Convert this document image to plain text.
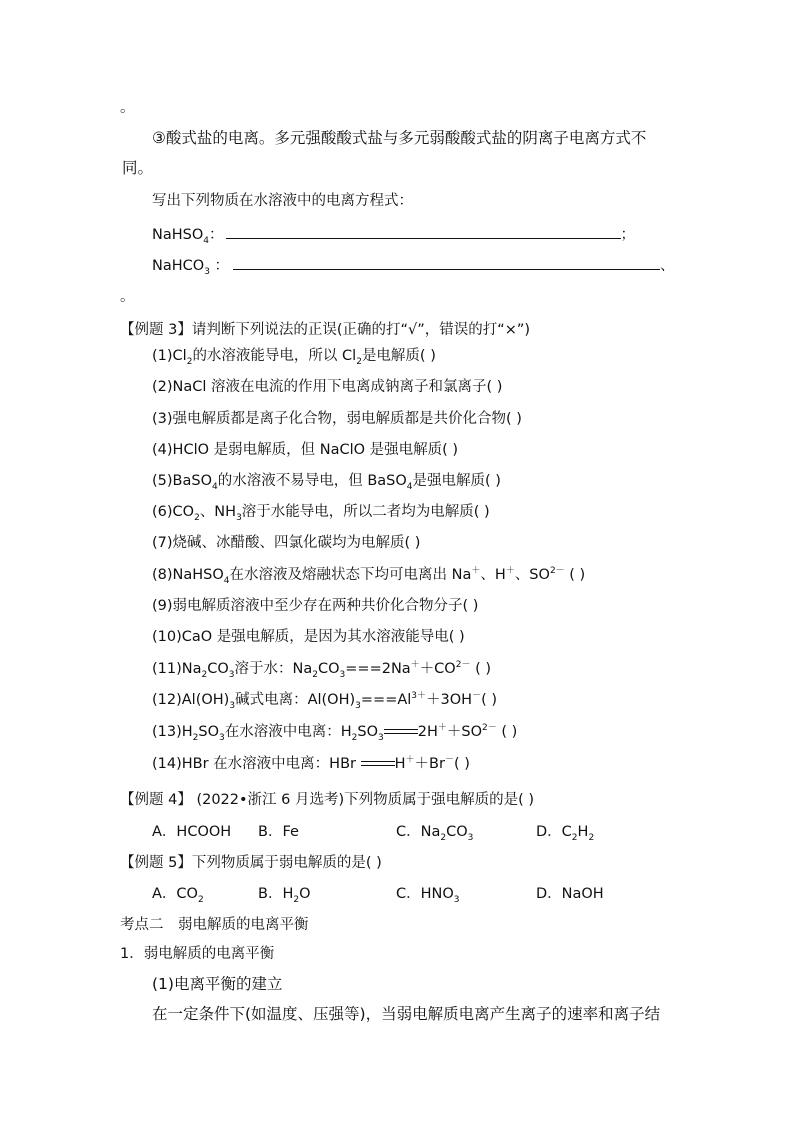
。
③酸式盐的电离。多元强酸酸式盐与多元弱酸酸式盐的阴离子电离方式不
同。
写出下列物质在水溶液中的电离方程式：
NaHSO$_4$：	；
NaHCO$_3$ ：	、
。
【例题 3】请判断下列说法的正误(正确的打“√”，错误的打“×”)
$(1)Cl_2$的水溶液能导电，所以 $Cl_2$是电解质( )
(2)NaCl 溶液在电流的作用下电离成钠离子和氯离子( )
(3)强电解质都是离子化合物，弱电解质都是共价化合物( )
(4)HClO 是弱电解质，但 NaClO 是强电解质( )
(5)BaSO$_4$的水溶液不易导电，但 BaSO$_4$是强电解质( )
$(6)CO_2$、$NH_3$溶于水能导电，所以二者均为电解质( )
(7)烧碱、冰醋酸、四氯化碳均为电解质( )
(8)NaHSO$_4$在水溶液及熔融状态下均可电离出 Na＋、H＋、$SO^{2-}$ ( )
(9)弱电解质溶液中至少存在两种共价化合物分子( )
(10)CaO 是强电解质，是因为其水溶液能导电( )
$(11)Na_2CO_3$溶于水：$Na_2CO_3===2Na^++CO^{2-}$ ( )
$(12)Al(OH)_3$碱式电离：$Al(OH)_3===Al^{3+}+3OH^-$( )
$(13)H_2SO_3$在水溶液中电离：$H_2SO_3$ $2H^++SO^{2-}$ ( )
(14)HBr 在水溶液中电离：HBr H＋＋Br－( )
【例题 4】 (2022•浙江 6 月选考)下列物质属于强电解质的是( )
A．HCOOH B．Fe	C．$Na_2CO_3$	D．$C_2H_2$
【例题 5】下列物质属于弱电解质的是( )
A．$CO_2$	B．$H_2O$	C．$HNO_3$	D．NaOH
考点二　弱电解质的电离平衡
1．弱电解质的电离平衡
(1)电离平衡的建立
在一定条件下(如温度、压强等)，当弱电解质电离产生离子的速率和离子结
